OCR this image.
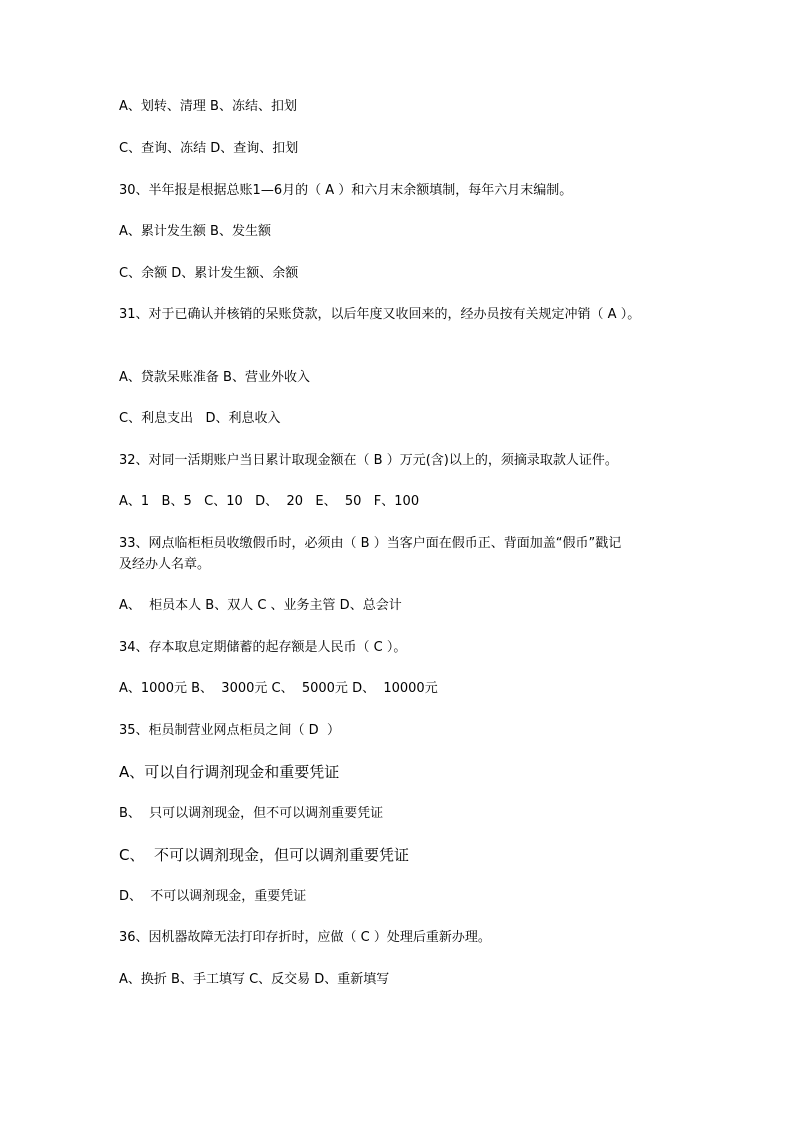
A、划转、清理 B、冻结、扣划
C、查询、冻结 D、查询、扣划
30、半年报是根据总账1—6月的（ A ）和六月末余额填制，每年六月末编制。
A、累计发生额 B、发生额
C、余额 D、累计发生额、余额
31、对于已确认并核销的呆账贷款，以后年度又收回来的，经办员按有关规定冲销（ A ）。
A、贷款呆账准备 B、营业外收入
C、利息支出   D、利息收入
32、对同一活期账户当日累计取现金额在（ B ）万元(含)以上的，须摘录取款人证件。
A、1   B、5   C、10   D、  20   E、  50   F、100
33、网点临柜柜员收缴假币时，必须由（ B ）当客户面在假币正、背面加盖“假币”戳记
及经办人名章。
A、  柜员本人 B、双人 C 、业务主管 D、总会计
34、存本取息定期储蓄的起存额是人民币（ C ）。
A、1000元 B、  3000元 C、  5000元 D、  10000元
35、柜员制营业网点柜员之间（ D  ）
A、可以自行调剂现金和重要凭证
B、  只可以调剂现金，但不可以调剂重要凭证
C、  不可以调剂现金，但可以调剂重要凭证
D、  不可以调剂现金，重要凭证
36、因机器故障无法打印存折时，应做（ C ）处理后重新办理。
A、换折 B、手工填写 C、反交易 D、重新填写
